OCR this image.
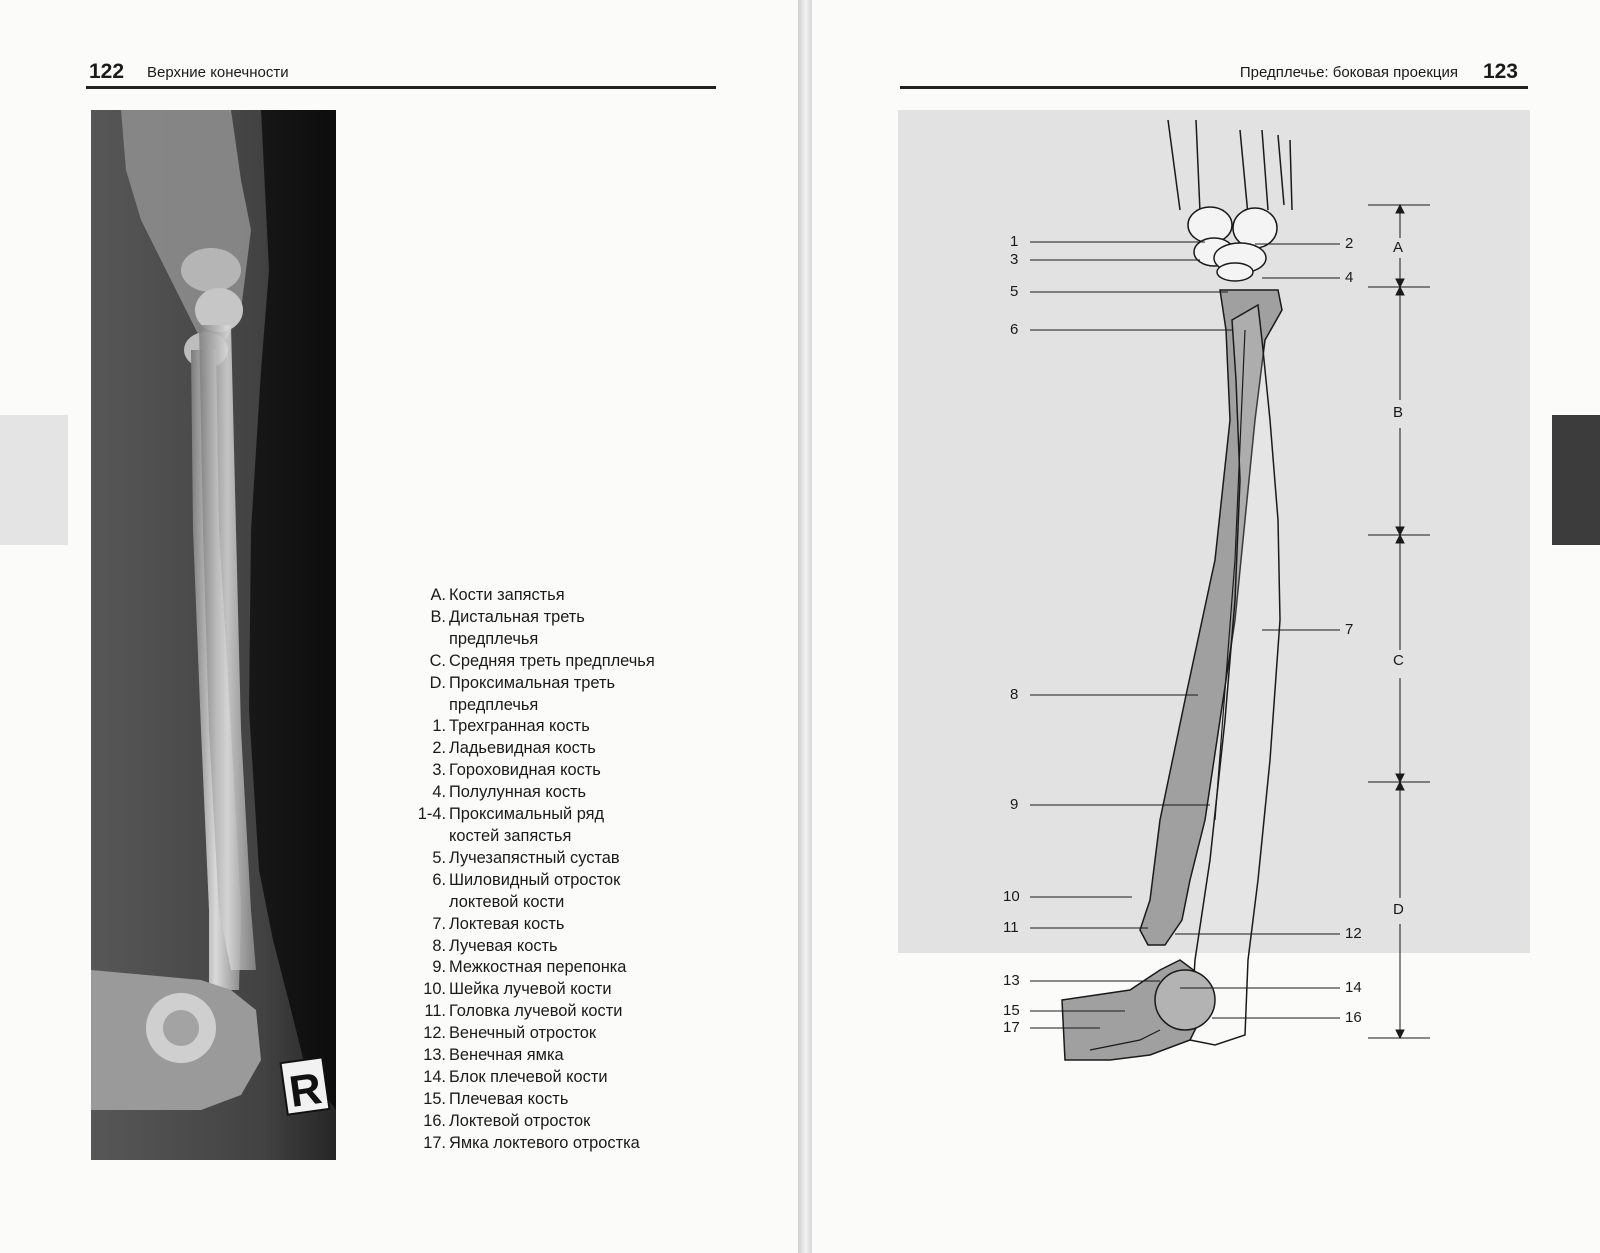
122 Верхние конечности
R
A. Кости запястья
B. Дистальная треть
предплечья
C. Средняя треть предплечья
D. Проксимальная треть
предплечья
1. Трехгранная кость
2. Ладьевидная кость
3. Гороховидная кость
4. Полулунная кость
1-4. Проксимальный ряд
костей запястья
5. Лучезапястный сустав
6. Шиловидный отросток
локтевой кости
7. Локтевая кость
8. Лучевая кость
9. Межкостная перепонка
10. Шейка лучевой кости
11. Головка лучевой кости
12. Венечный отросток
13. Венечная ямка
14. Блок плечевой кости
15. Плечевая кость
16. Локтевой отросток
17. Ямка локтевого отростка
Предплечье: боковая проекция 123
1
3
5
6
8
9
10
11
13
15
17
2
4
7
12
14
16
A
B
C
D
